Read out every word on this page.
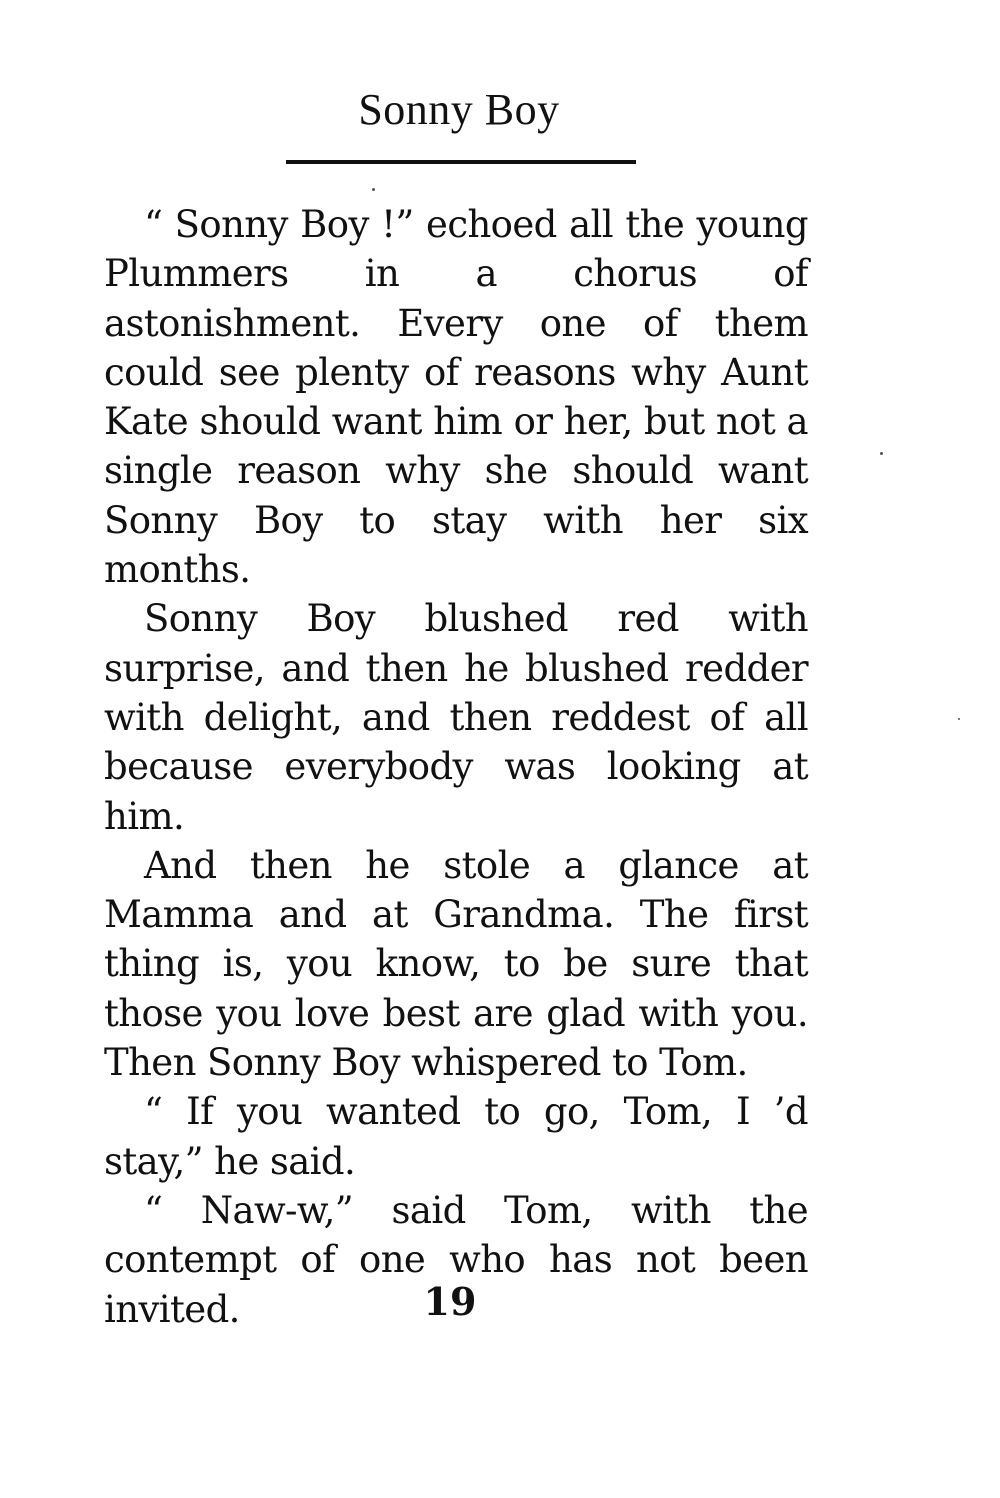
Sonny Boy

“ Sonny Boy !” echoed all the young Plummers in a chorus of astonishment. Every one of them could see plenty of reasons why Aunt Kate should want him or her, but not a single reason why she should want Sonny Boy to stay with her six months.

Sonny Boy blushed red with surprise, and then he blushed redder with delight, and then reddest of all because everybody was looking at him.

And then he stole a glance at Mamma and at Grandma. The first thing is, you know, to be sure that those you love best are glad with you. Then Sonny Boy whispered to Tom.

“ If you wanted to go, Tom, I ’d stay,” he said.

“ Naw-w,” said Tom, with the contempt of one who has not been invited.	19
